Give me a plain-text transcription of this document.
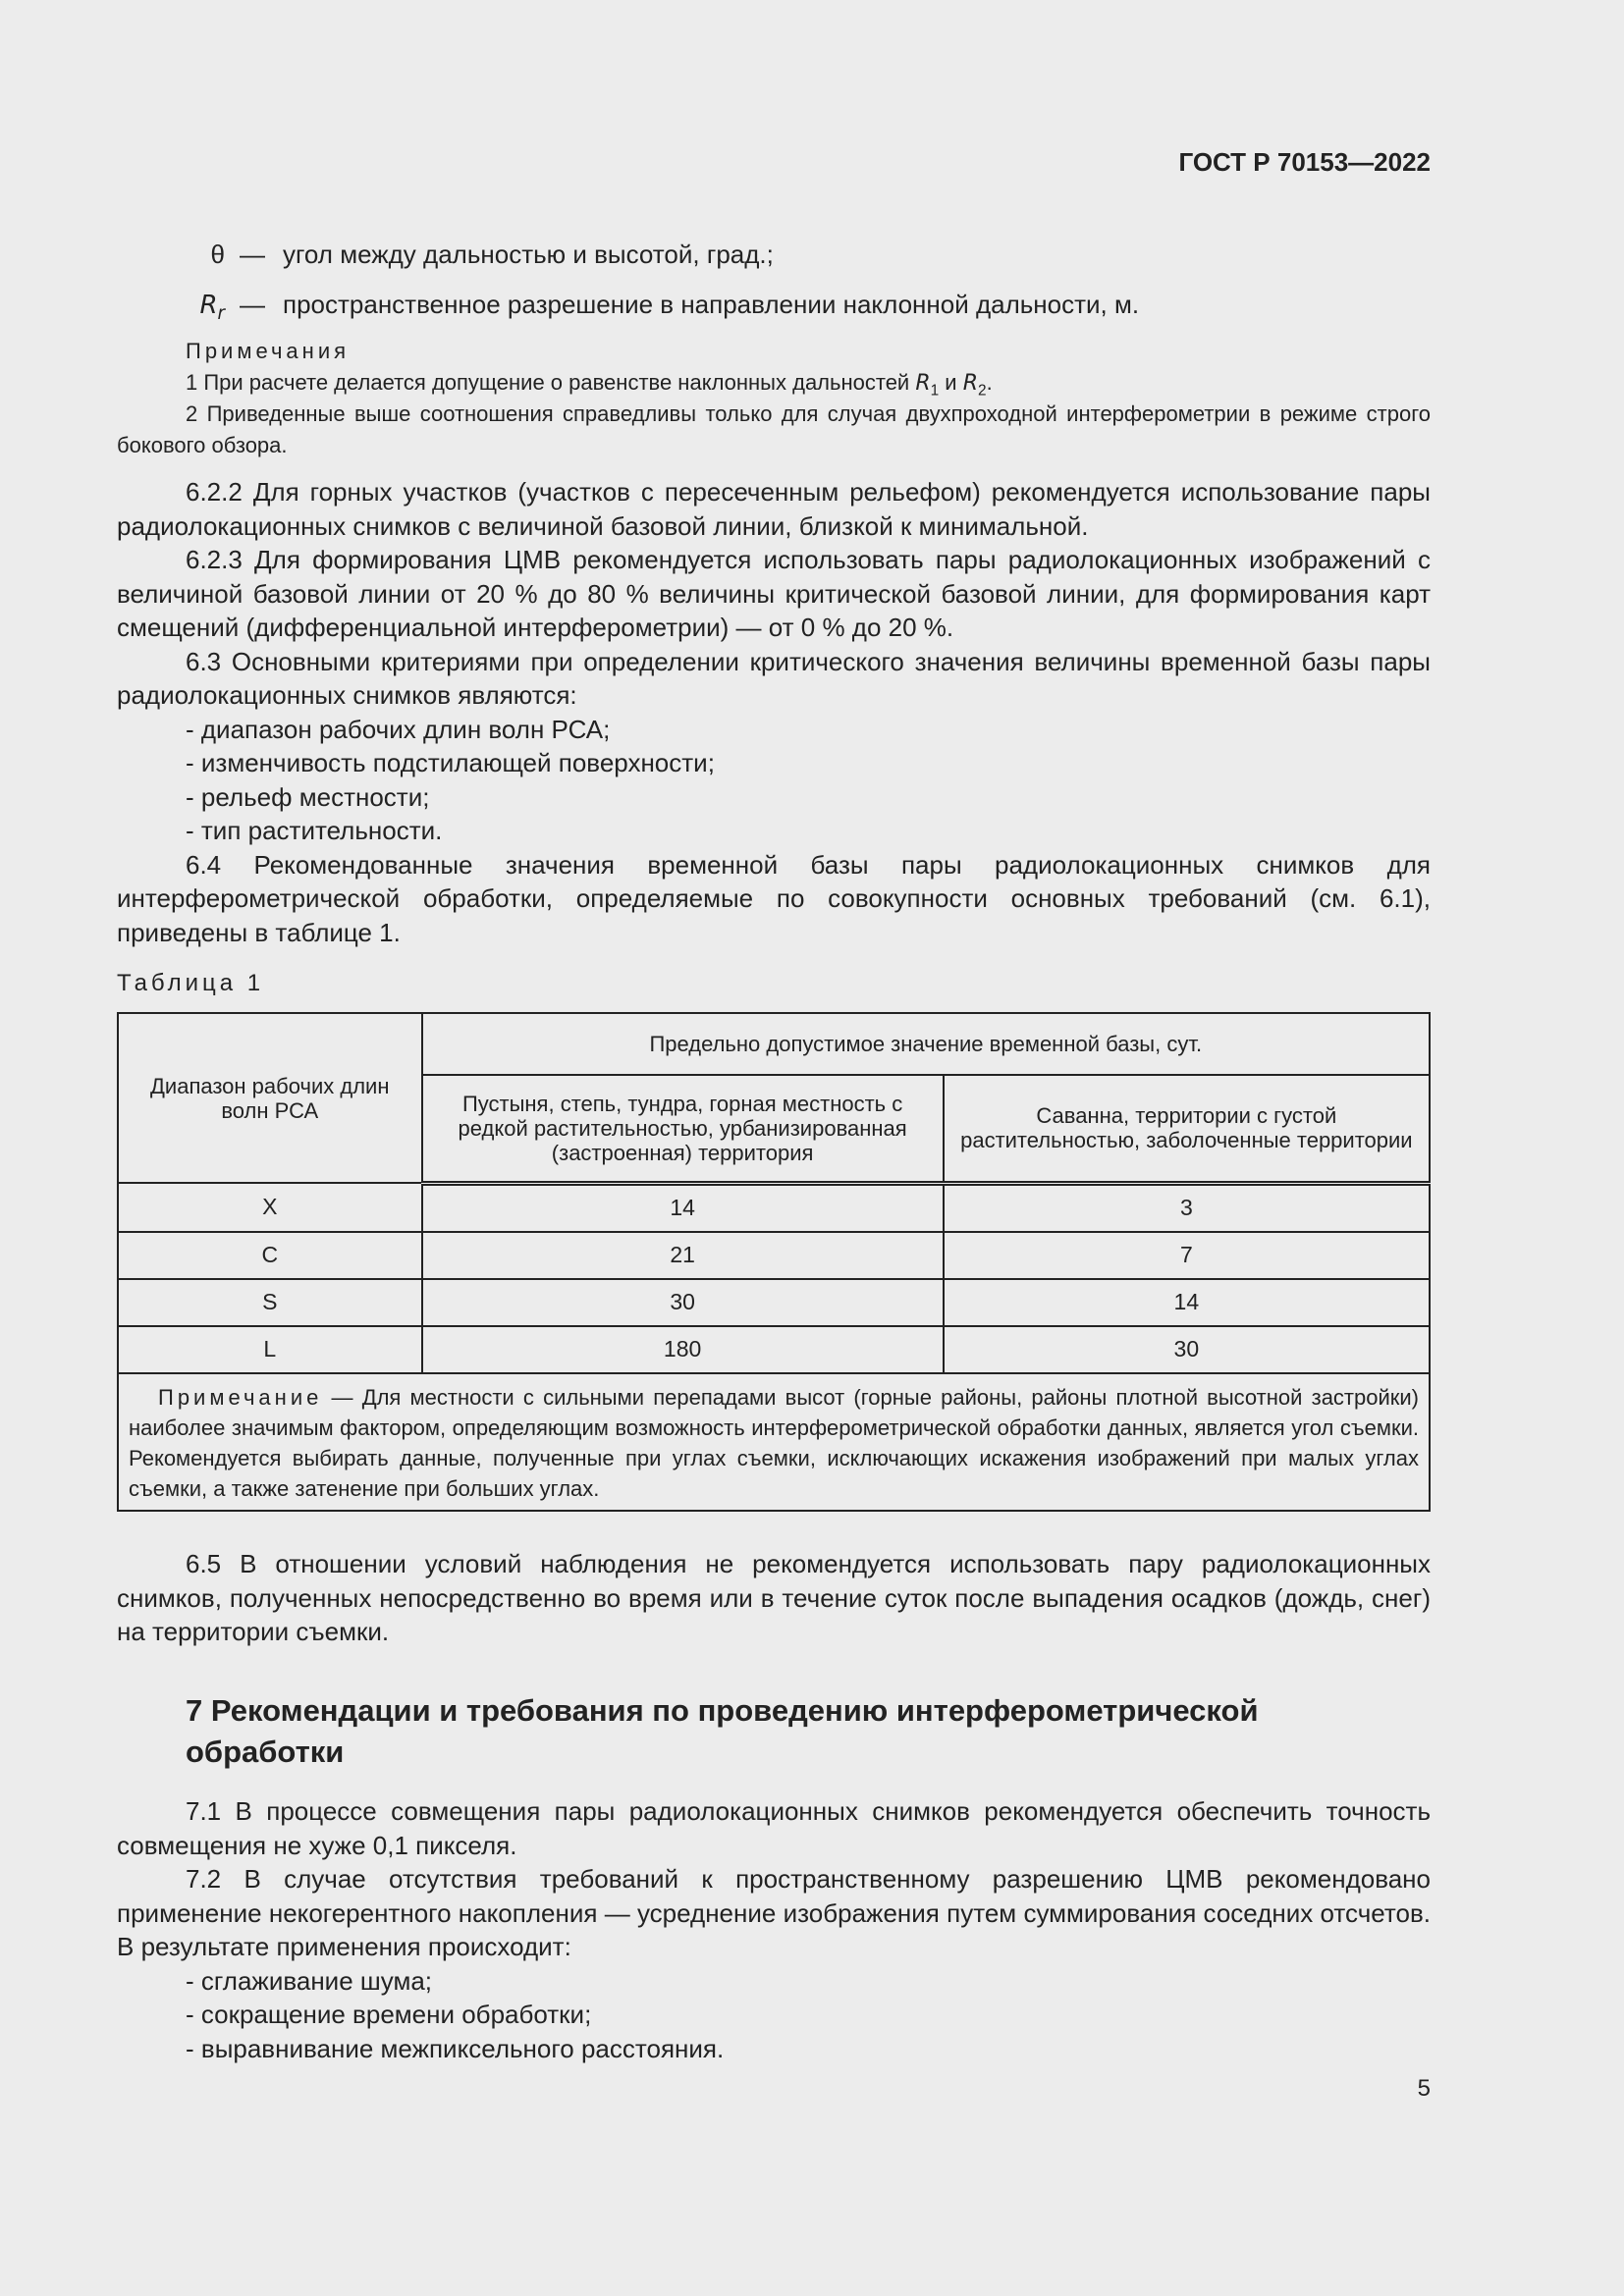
ГОСТ Р 70153—2022
θ — угол между дальностью и высотой, град.;
$R_r$ — пространственное разрешение в направлении наклонной дальности, м.
Примечания
1 При расчете делается допущение о равенстве наклонных дальностей $R_1$ и $R_2$.
2 Приведенные выше соотношения справедливы только для случая двухпроходной интерферометрии в режиме строго бокового обзора.

6.2.2 Для горных участков (участков с пересеченным рельефом) рекомендуется использование пары радиолокационных снимков с величиной базовой линии, близкой к минимальной.

6.2.3 Для формирования ЦМВ рекомендуется использовать пары радиолокационных изображений с величиной базовой линии от 20 % до 80 % величины критической базовой линии, для формирования карт смещений (дифференциальной интерферометрии) — от 0 % до 20 %.

6.3 Основными критериями при определении критического значения величины временной базы пары радиолокационных снимков являются:

- диапазон рабочих длин волн РСА;

- изменчивость подстилающей поверхности;

- рельеф местности;

- тип растительности.

6.4 Рекомендованные значения временной базы пары радиолокационных снимков для интерферометрической обработки, определяемые по совокупности основных требований (см. 6.1), приведены в таблице 1.

Таблица 1
Диапазон рабочих длин волн РСА	Предельно допустимое значение временной базы, сут.	
	Пустыня, степь, тундра, горная местность с редкой растительностью, урбанизированная (застроенная) территория	Саванна, территории с густой растительностью, заболоченные территории
X	14	3
C	21	7
S	30	14
L	180	30
Примечание — Для местности с сильными перепадами высот (горные районы, районы плотной высотной застройки) наиболее значимым фактором, определяющим возможность интерферометрической обработки данных, является угол съемки. Рекомендуется выбирать данные, полученные при углах съемки, исключающих искажения изображений при малых углах съемки, а также затенение при больших углах.		

6.5 В отношении условий наблюдения не рекомендуется использовать пару радиолокационных снимков, полученных непосредственно во время или в течение суток после выпадения осадков (дождь, снег) на территории съемки.

7 Рекомендации и требования по проведению интерферометрической обработки

7.1 В процессе совмещения пары радиолокационных снимков рекомендуется обеспечить точность совмещения не хуже 0,1 пикселя.

7.2 В случае отсутствия требований к пространственному разрешению ЦМВ рекомендовано применение некогерентного накопления — усреднение изображения путем суммирования соседних отсчетов. В результате применения происходит:

- сглаживание шума;

- сокращение времени обработки;

- выравнивание межпиксельного расстояния.

5
